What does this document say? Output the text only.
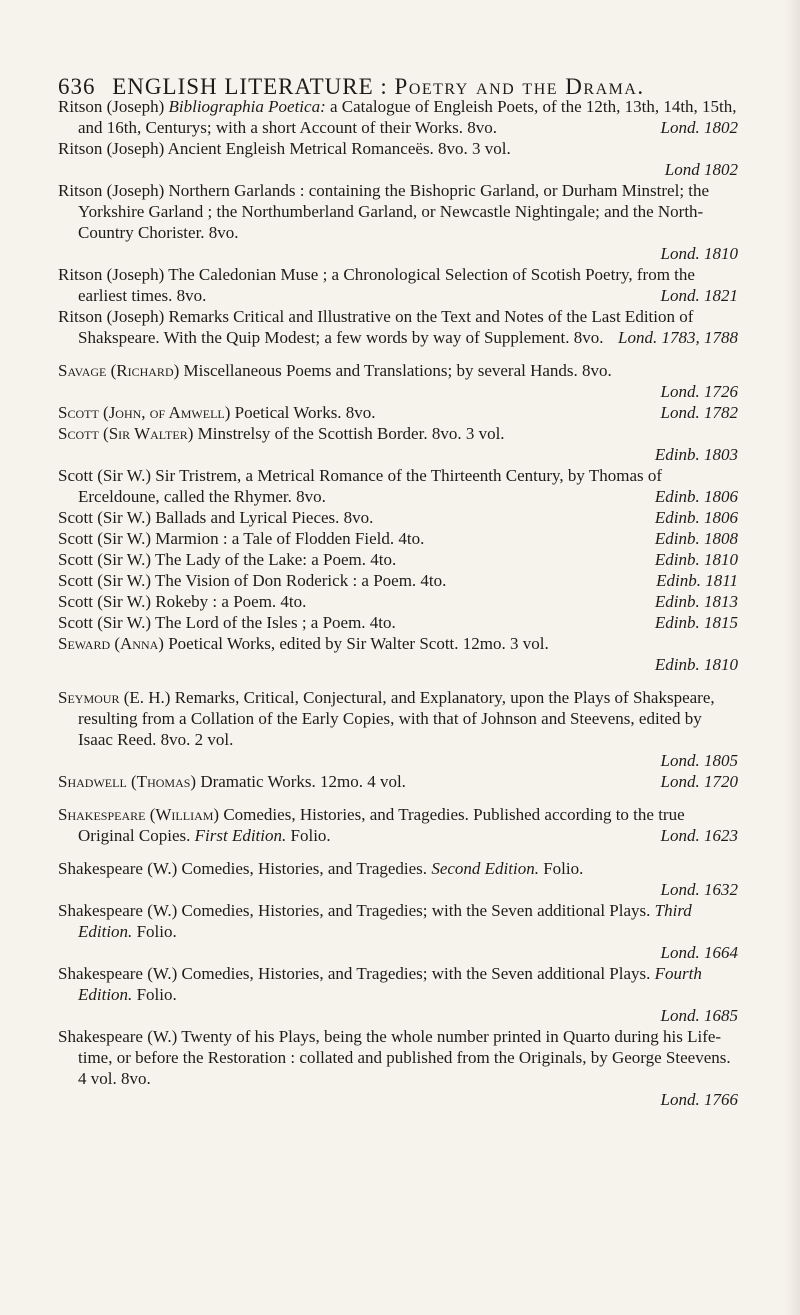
636 ENGLISH LITERATURE : Poetry and the Drama.
Ritson (Joseph) Bibliographia Poetica: a Catalogue of Engleish Poets, of the 12th, 13th, 14th, 15th, and 16th, Centurys; with a short Account of their Works. 8vo.	Lond. 1802
Ritson (Joseph) Ancient Engleish Metrical Romanceës. 8vo. 3 vol.
Lond 1802
Ritson (Joseph) Northern Garlands : containing the Bishopric Garland, or Durham Minstrel; the Yorkshire Garland ; the Northumberland Garland, or Newcastle Nightingale; and the North-Country Chorister. 8vo.
Lond. 1810
Ritson (Joseph) The Caledonian Muse ; a Chronological Selection of Scotish Poetry, from the earliest times. 8vo.	Lond. 1821
Ritson (Joseph) Remarks Critical and Illustrative on the Text and Notes of the Last Edition of Shakspeare. With the Quip Modest; a few words by way of Supplement. 8vo. Lond. 1783, 1788
Savage (Richard) Miscellaneous Poems and Translations; by several Hands. 8vo.
Lond. 1726
Scott (John, of Amwell) Poetical Works. 8vo.	Lond. 1782
Scott (Sir Walter) Minstrelsy of the Scottish Border. 8vo. 3 vol.
Edinb. 1803
Scott (Sir W.) Sir Tristrem, a Metrical Romance of the Thirteenth Century, by Thomas of Erceldoune, called the Rhymer. 8vo.	Edinb. 1806
Scott (Sir W.) Ballads and Lyrical Pieces. 8vo.	Edinb. 1806
Scott (Sir W.) Marmion : a Tale of Flodden Field. 4to.	Edinb. 1808
Scott (Sir W.) The Lady of the Lake: a Poem. 4to.	Edinb. 1810
Scott (Sir W.) The Vision of Don Roderick : a Poem. 4to.	Edinb. 1811
Scott (Sir W.) Rokeby : a Poem. 4to.	Edinb. 1813
Scott (Sir W.) The Lord of the Isles ; a Poem. 4to.	Edinb. 1815
Seward (Anna) Poetical Works, edited by Sir Walter Scott. 12mo. 3 vol.
Edinb. 1810
Seymour (E. H.) Remarks, Critical, Conjectural, and Explanatory, upon the Plays of Shakspeare, resulting from a Collation of the Early Copies, with that of Johnson and Steevens, edited by Isaac Reed. 8vo. 2 vol.
Lond. 1805
Shadwell (Thomas) Dramatic Works. 12mo. 4 vol.	Lond. 1720
Shakespeare (William) Comedies, Histories, and Tragedies. Published according to the true Original Copies. First Edition. Folio.	Lond. 1623
Shakespeare (W.) Comedies, Histories, and Tragedies. Second Edition. Folio.
Lond. 1632
Shakespeare (W.) Comedies, Histories, and Tragedies; with the Seven additional Plays. Third Edition. Folio.
Lond. 1664
Shakespeare (W.) Comedies, Histories, and Tragedies; with the Seven additional Plays. Fourth Edition. Folio.
Lond. 1685
Shakespeare (W.) Twenty of his Plays, being the whole number printed in Quarto during his Life-time, or before the Restoration : collated and published from the Originals, by George Steevens. 4 vol. 8vo.
Lond. 1766
